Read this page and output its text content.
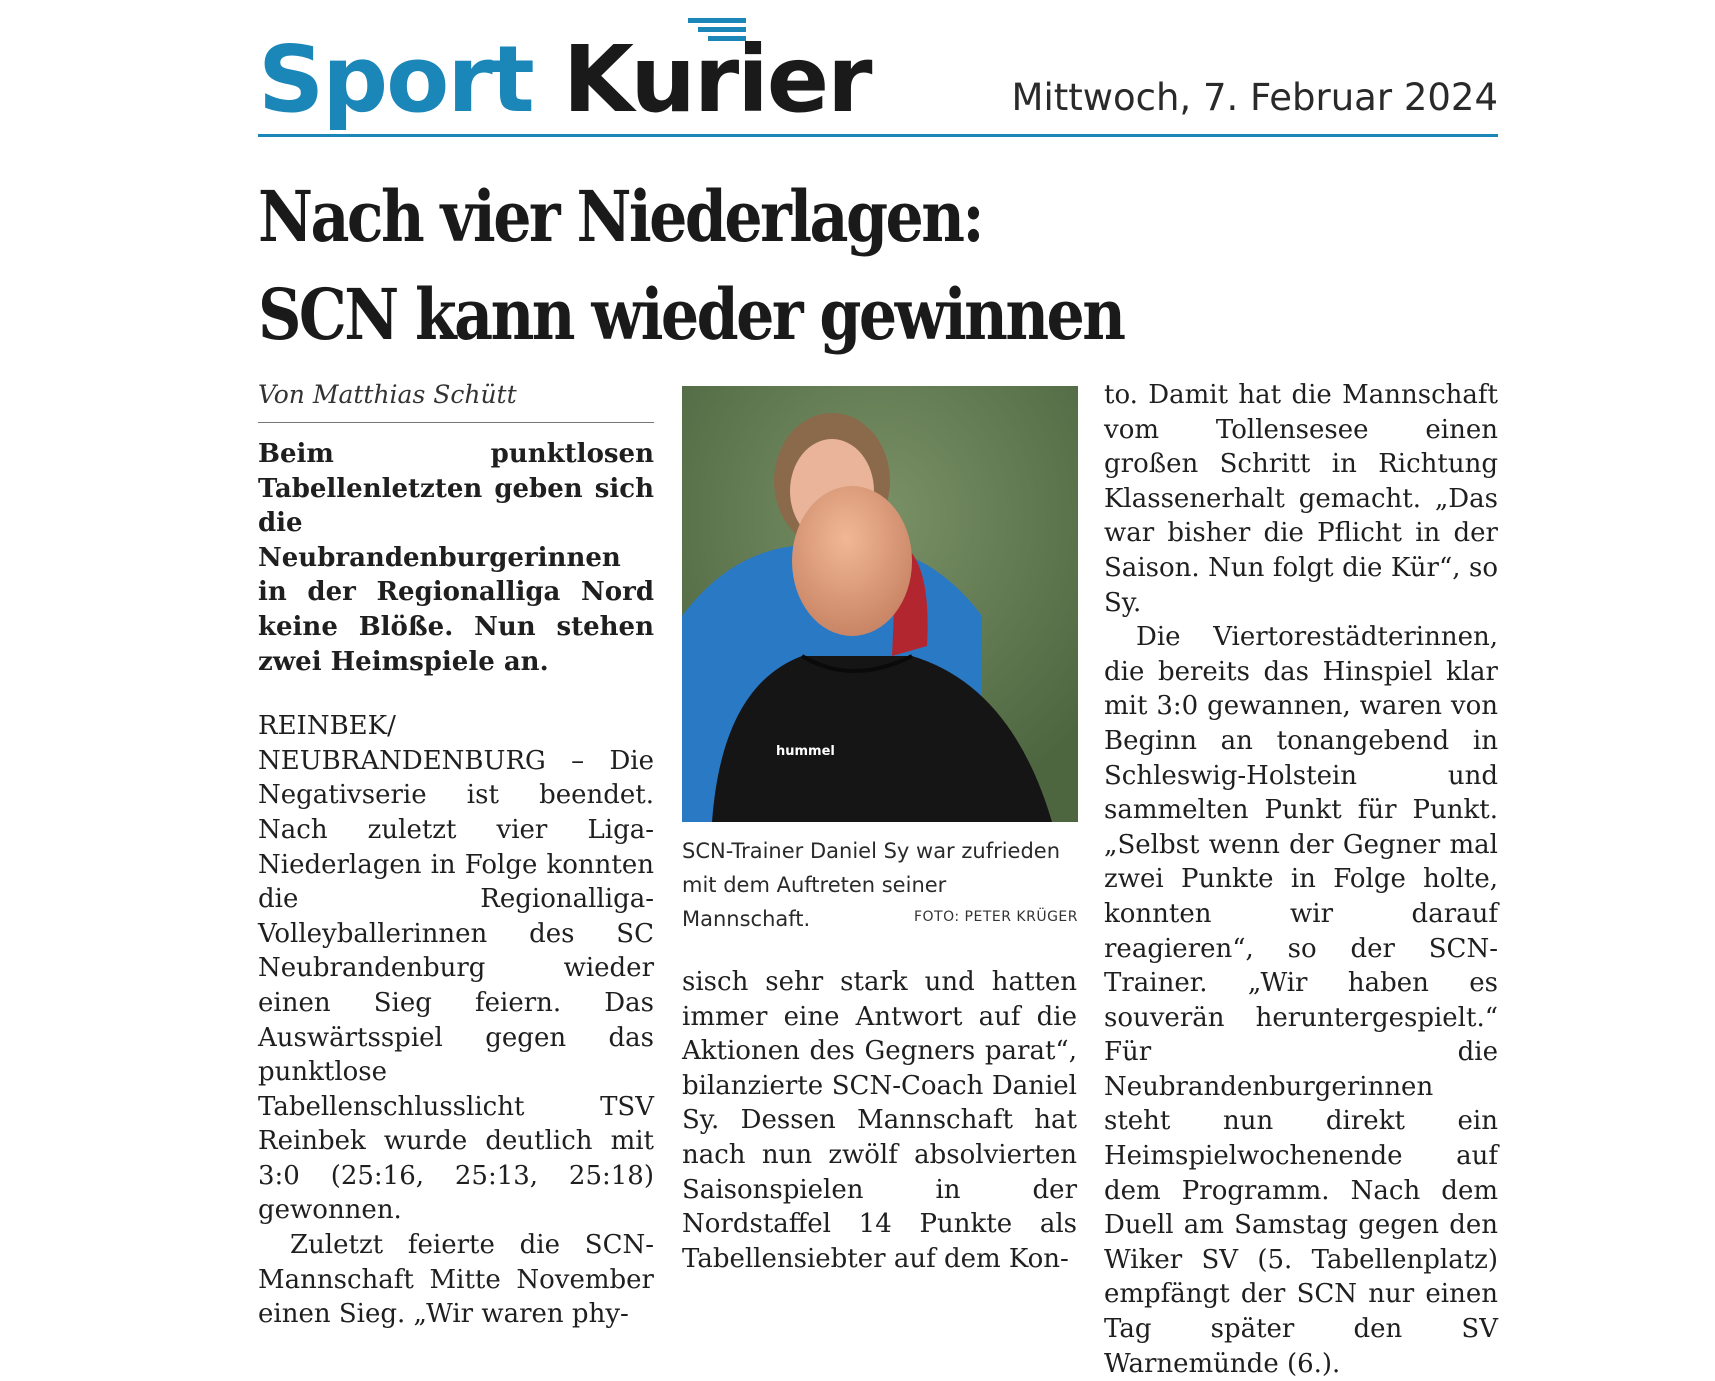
Sport Kurier	Mittwoch, 7. Februar 2024
Nach vier Niederlagen:
SCN kann wieder gewinnen
Von Matthias Schütt

Beim punktlosen Tabellenletzten geben sich die Neubrandenburgerinnen in der Regionalliga Nord keine Blöße. Nun stehen zwei Heimspiele an.

REINBEK/ NEUBRANDENBURG – Die Negativserie ist beendet. Nach zuletzt vier Liga-Niederlagen in Folge konnten die Regionalliga-Volleyballerinnen des SC Neubrandenburg wieder einen Sieg feiern. Das Auswärtsspiel gegen das punktlose Tabellenschlusslicht TSV Reinbek wurde deutlich mit 3:0 (25:16, 25:13, 25:18) gewonnen.

Zuletzt feierte die SCN-Mannschaft Mitte November einen Sieg. „Wir waren phy-

hummel
SCN-Trainer Daniel Sy war zufrieden mit dem Auftreten seiner Mannschaft.	FOTO: PETER KRÜGER

sisch sehr stark und hatten immer eine Antwort auf die Aktionen des Gegners parat“, bilanzierte SCN-Coach Daniel Sy. Dessen Mannschaft hat nach nun zwölf absolvierten Saisonspielen in der Nordstaffel 14 Punkte als Tabellensiebter auf dem Kon-

to. Damit hat die Mannschaft vom Tollensesee einen großen Schritt in Richtung Klassenerhalt gemacht. „Das war bisher die Pflicht in der Saison. Nun folgt die Kür“, so Sy.

Die Viertorestädterinnen, die bereits das Hinspiel klar mit 3:0 gewannen, waren von Beginn an tonangebend in Schleswig-Holstein und sammelten Punkt für Punkt. „Selbst wenn der Gegner mal zwei Punkte in Folge holte, konnten wir darauf reagieren“, so der SCN-Trainer. „Wir haben es souverän heruntergespielt.“ Für die Neubrandenburgerinnen steht nun direkt ein Heimspielwochenende auf dem Programm. Nach dem Duell am Samstag gegen den Wiker SV (5. Tabellenplatz) empfängt der SCN nur einen Tag später den SV Warnemünde (6.).
